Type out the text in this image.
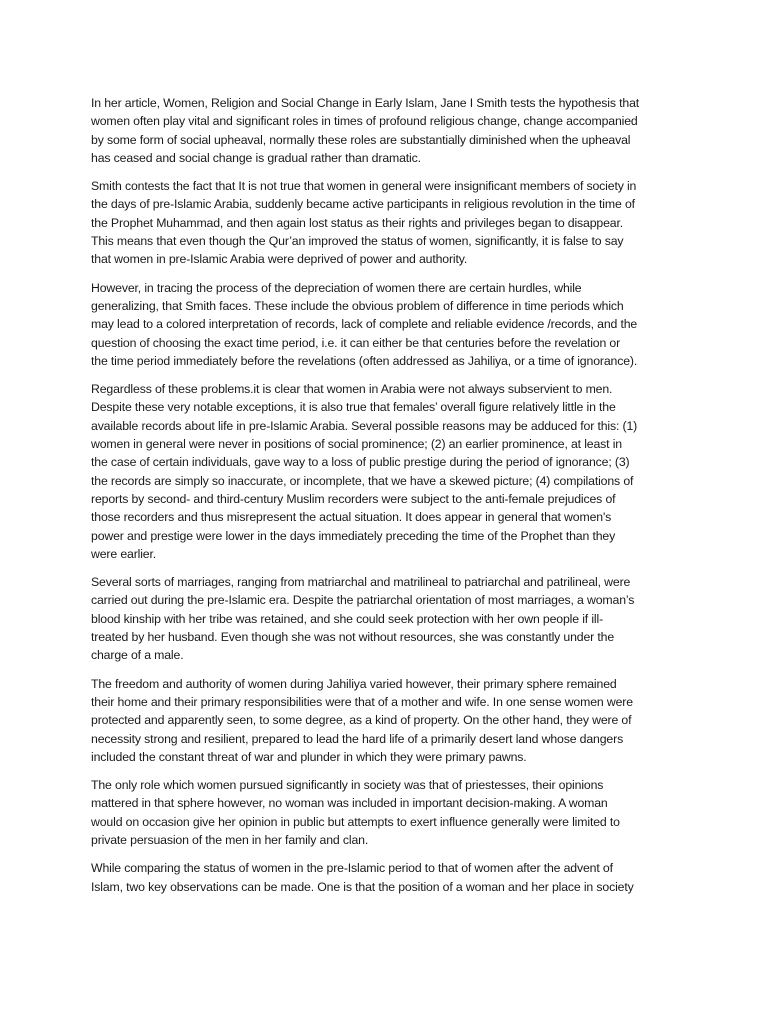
In her article, Women, Religion and Social Change in Early Islam, Jane I Smith tests the hypothesis that
women often play vital and significant roles in times of profound religious change, change accompanied
by some form of social upheaval, normally these roles are substantially diminished when the upheaval
has ceased and social change is gradual rather than dramatic.

Smith contests the fact that It is not true that women in general were insignificant members of society in
the days of pre-Islamic Arabia, suddenly became active participants in religious revolution in the time of
the Prophet Muhammad, and then again lost status as their rights and privileges began to disappear.
This means that even though the Qur’an improved the status of women, significantly, it is false to say
that women in pre-Islamic Arabia were deprived of power and authority.

However, in tracing the process of the depreciation of women there are certain hurdles, while
generalizing, that Smith faces. These include the obvious problem of difference in time periods which
may lead to a colored interpretation of records, lack of complete and reliable evidence /records, and the
question of choosing the exact time period, i.e. it can either be that centuries before the revelation or
the time period immediately before the revelations (often addressed as Jahiliya, or a time of ignorance).

Regardless of these problems.it is clear that women in Arabia were not always subservient to men.
Despite these very notable exceptions, it is also true that females’ overall figure relatively little in the
available records about life in pre-Islamic Arabia. Several possible reasons may be adduced for this: (1)
women in general were never in positions of social prominence; (2) an earlier prominence, at least in
the case of certain individuals, gave way to a loss of public prestige during the period of ignorance; (3)
the records are simply so inaccurate, or incomplete, that we have a skewed picture; (4) compilations of
reports by second- and third-century Muslim recorders were subject to the anti-female prejudices of
those recorders and thus misrepresent the actual situation. It does appear in general that women's
power and prestige were lower in the days immediately preceding the time of the Prophet than they
were earlier.

Several sorts of marriages, ranging from matriarchal and matrilineal to patriarchal and patrilineal, were
carried out during the pre-Islamic era. Despite the patriarchal orientation of most marriages, a woman’s
blood kinship with her tribe was retained, and she could seek protection with her own people if ill-
treated by her husband. Even though she was not without resources, she was constantly under the
charge of a male.

The freedom and authority of women during Jahiliya varied however, their primary sphere remained
their home and their primary responsibilities were that of a mother and wife. In one sense women were
protected and apparently seen, to some degree, as a kind of property. On the other hand, they were of
necessity strong and resilient, prepared to lead the hard life of a primarily desert land whose dangers
included the constant threat of war and plunder in which they were primary pawns.

The only role which women pursued significantly in society was that of priestesses, their opinions
mattered in that sphere however, no woman was included in important decision-making. A woman
would on occasion give her opinion in public but attempts to exert influence generally were limited to
private persuasion of the men in her family and clan.

While comparing the status of women in the pre-Islamic period to that of women after the advent of
Islam, two key observations can be made. One is that the position of a woman and her place in society
